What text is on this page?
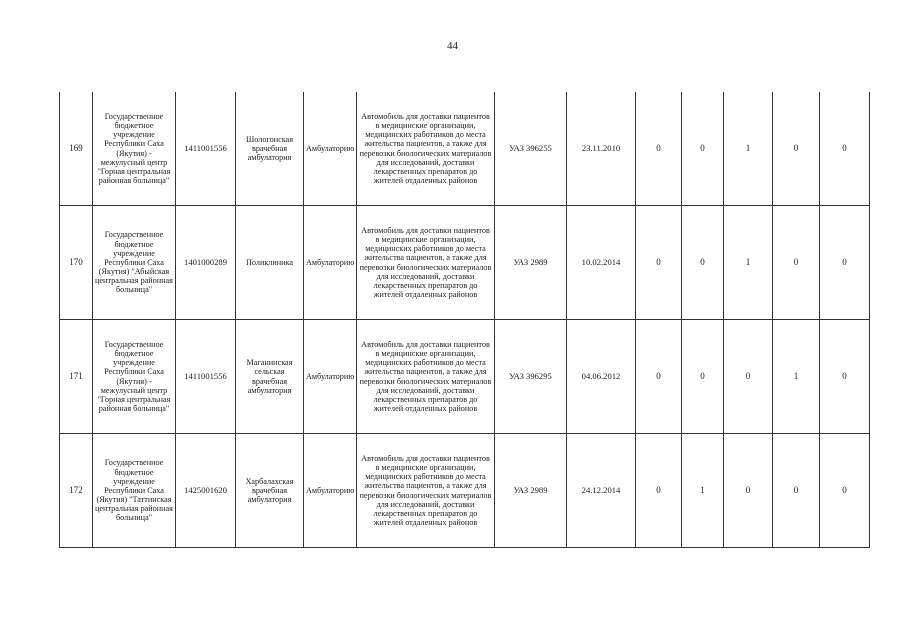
44
169	Государственное бюджетное учреждение Республики Саха (Якутия) - межулусный центр "Горная центральная районная больница"	1411001556	Шологонская врачебная амбулатория	Амбулаторию	Автомобиль для доставки пациентов в медицинские организации, медицинских работников до места жительства пациентов, а также для перевозки биологических материалов для исследований, доставки лекарственных препаратов до жителей отдаленных районов	УАЗ 396255	23.11.2010	0	0	1	0	0
170	Государственное бюджетное учреждение Республики Саха (Якутия) "Абыйская центральная районная больница"	1401000289	Поликлиника	Амбулаторию	Автомобиль для доставки пациентов в медицинские организации, медицинских работников до места жительства пациентов, а также для перевозки биологических материалов для исследований, доставки лекарственных препаратов до жителей отдаленных районов	УАЗ 2989	10.02.2014	0	0	1	0	0
171	Государственное бюджетное учреждение Республики Саха (Якутия) - межулусный центр "Горная центральная районная больница"	1411001556	Маганинская сельская врачебная амбулатория	Амбулаторию	Автомобиль для доставки пациентов в медицинские организации, медицинских работников до места жительства пациентов, а также для перевозки биологических материалов для исследований, доставки лекарственных препаратов до жителей отдаленных районов	УАЗ 396295	04.06.2012	0	0	0	1	0
172	Государственное бюджетное учреждение Республики Саха (Якутия) "Таттинская центральная районная больница"	1425001620	Харбалахская врачебная амбулатория	Амбулаторию	Автомобиль для доставки пациентов в медицинские организации, медицинских работников до места жительства пациентов, а также для перевозки биологических материалов для исследований, доставки лекарственных препаратов до жителей отдаленных районов	УАЗ 2989	24.12.2014	0	1	0	0	0
